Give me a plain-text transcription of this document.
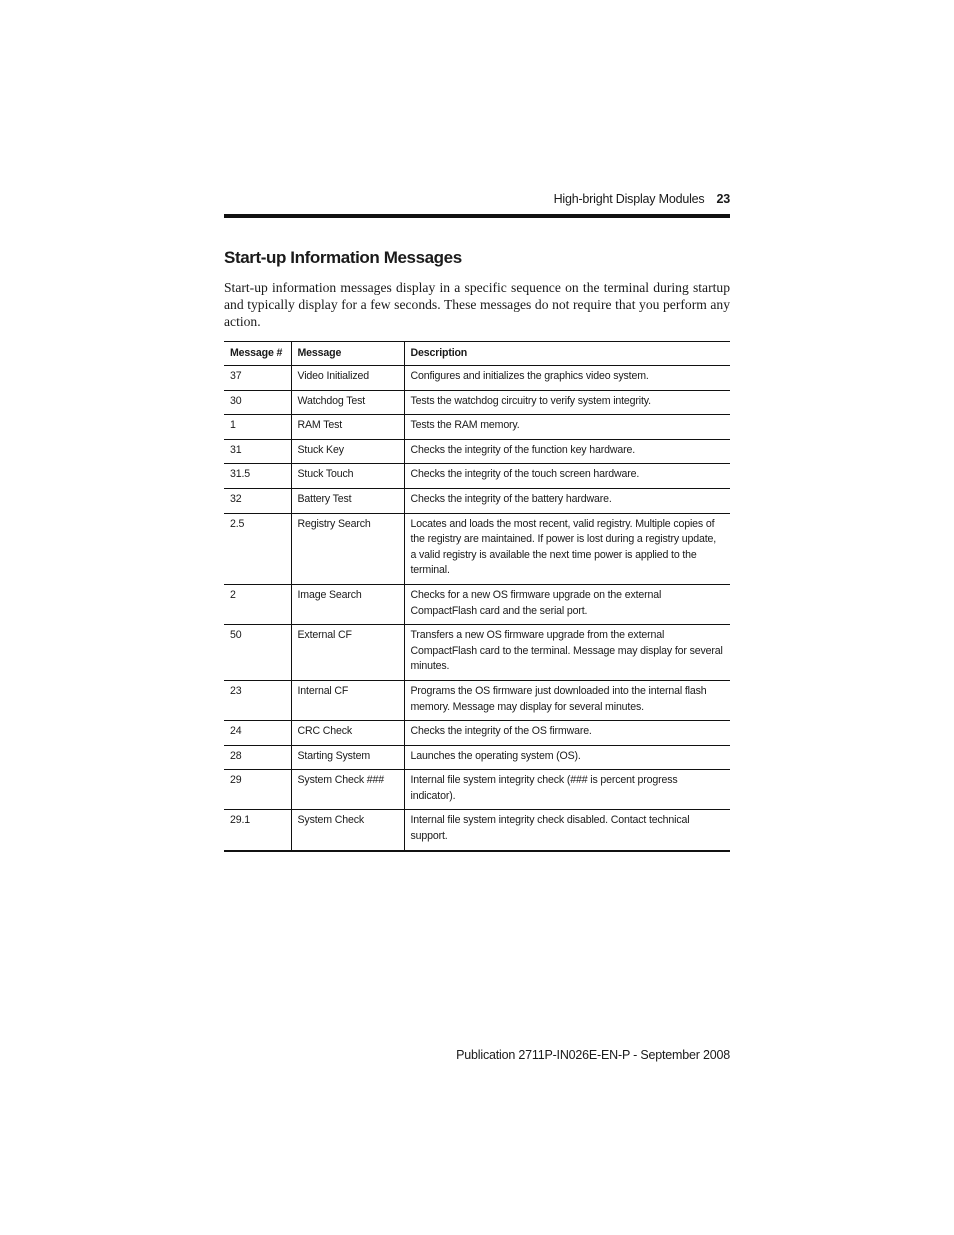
High-bright Display Modules 23
Start-up Information Messages

Start-up information messages display in a specific sequence on the terminal during startup and typically display for a few seconds. These messages do not require that you perform any action.

Message #	Message	Description
37	Video Initialized	Configures and initializes the graphics video system.
30	Watchdog Test	Tests the watchdog circuitry to verify system integrity.
1	RAM Test	Tests the RAM memory.
31	Stuck Key	Checks the integrity of the function key hardware.
31.5	Stuck Touch	Checks the integrity of the touch screen hardware.
32	Battery Test	Checks the integrity of the battery hardware.
2.5	Registry Search	Locates and loads the most recent, valid registry. Multiple copies of the registry are maintained. If power is lost during a registry update, a valid registry is available the next time power is applied to the terminal.
2	Image Search	Checks for a new OS firmware upgrade on the external CompactFlash card and the serial port.
50	External CF	Transfers a new OS firmware upgrade from the external CompactFlash card to the terminal. Message may display for several minutes.
23	Internal CF	Programs the OS firmware just downloaded into the internal flash memory. Message may display for several minutes.
24	CRC Check	Checks the integrity of the OS firmware.
28	Starting System	Launches the operating system (OS).
29	System Check ###	Internal file system integrity check (### is percent progress indicator).
29.1	System Check	Internal file system integrity check disabled. Contact technical support.
Publication 2711P-IN026E-EN-P - September 2008
